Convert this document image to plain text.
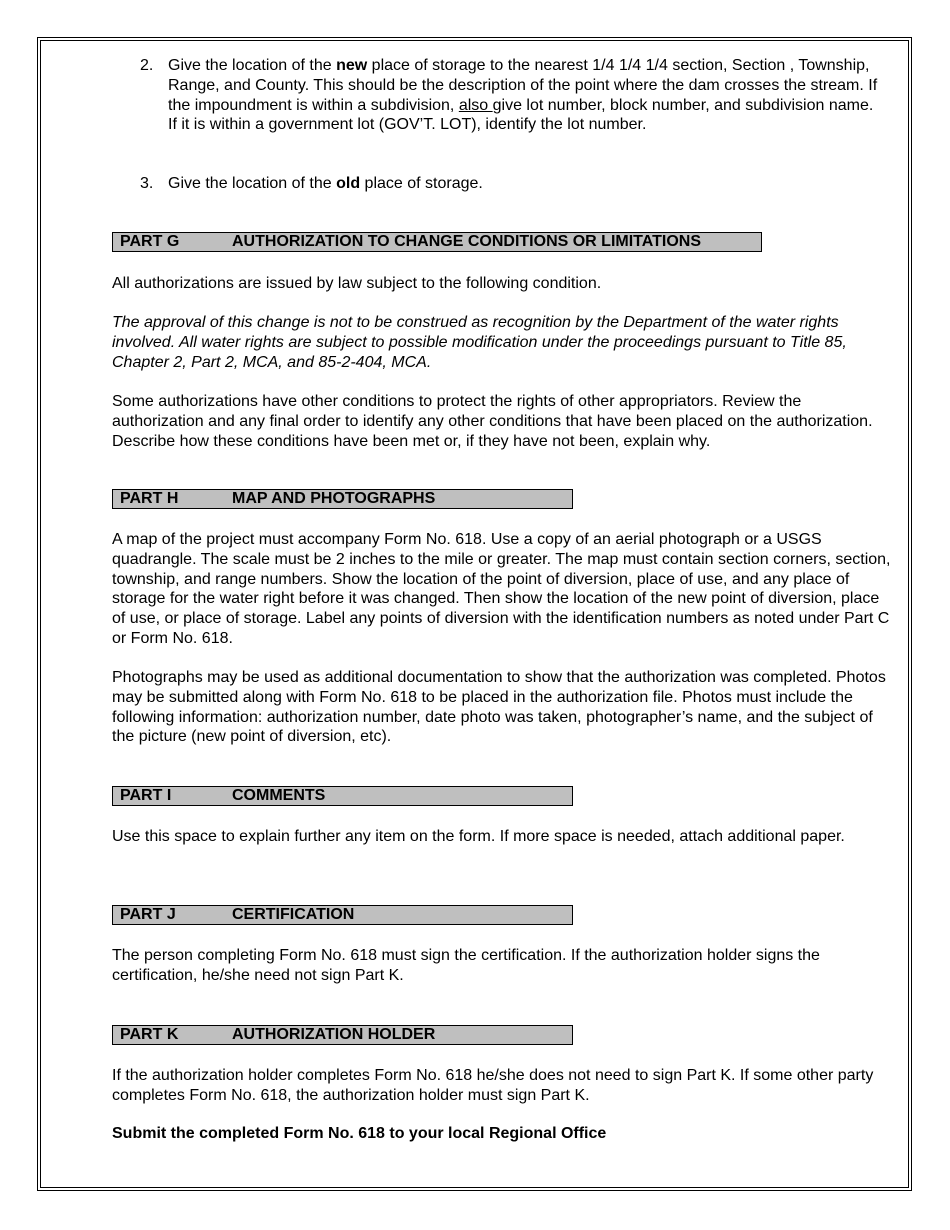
2. Give the location of the new place of storage to the nearest 1/4 1/4 1/4 section, Section , Township, Range, and County. This should be the description of the point where the dam crosses the stream. If the impoundment is within a subdivision, also give lot number, block number, and subdivision name. If it is within a government lot (GOV’T. LOT), identify the lot number.
3. Give the location of the old place of storage.
PART G	AUTHORIZATION TO CHANGE CONDITIONS OR LIMITATIONS
All authorizations are issued by law subject to the following condition.
The approval of this change is not to be construed as recognition by the Department of the water rights involved. All water rights are subject to possible modification under the proceedings pursuant to Title 85, Chapter 2, Part 2, MCA, and 85-2-404, MCA.
Some authorizations have other conditions to protect the rights of other appropriators. Review the authorization and any final order to identify any other conditions that have been placed on the authorization. Describe how these conditions have been met or, if they have not been, explain why.
PART H	MAP AND PHOTOGRAPHS
A map of the project must accompany Form No. 618. Use a copy of an aerial photograph or a USGS quadrangle. The scale must be 2 inches to the mile or greater. The map must contain section corners, section, township, and range numbers. Show the location of the point of diversion, place of use, and any place of storage for the water right before it was changed. Then show the location of the new point of diversion, place of use, or place of storage. Label any points of diversion with the identification numbers as noted under Part C or Form No. 618.
Photographs may be used as additional documentation to show that the authorization was completed. Photos may be submitted along with Form No. 618 to be placed in the authorization file. Photos must include the following information: authorization number, date photo was taken, photographer’s name, and the subject of the picture (new point of diversion, etc).
PART I	COMMENTS
Use this space to explain further any item on the form. If more space is needed, attach additional paper.
PART J	CERTIFICATION
The person completing Form No. 618 must sign the certification. If the authorization holder signs the certification, he/she need not sign Part K.
PART K	AUTHORIZATION HOLDER
If the authorization holder completes Form No. 618 he/she does not need to sign Part K. If some other party completes Form No. 618, the authorization holder must sign Part K.
Submit the completed Form No. 618 to your local Regional Office
